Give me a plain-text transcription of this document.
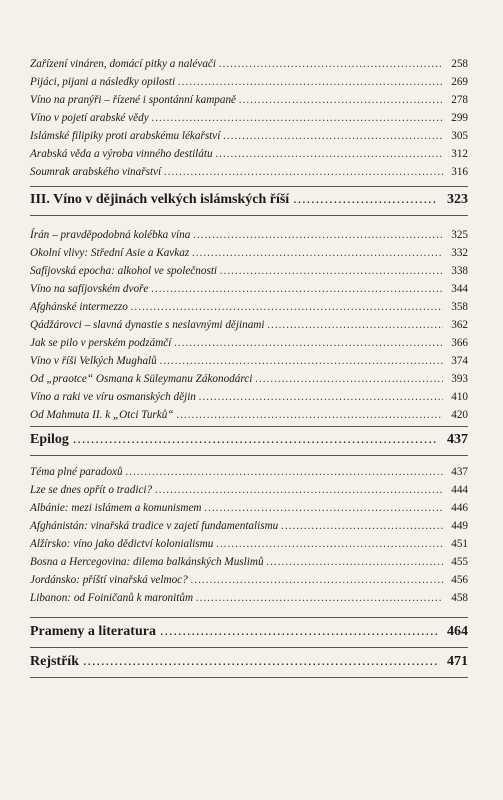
Zařízení vináren, domácí pitky a nalévači .....	258
Pijáci, pijani a následky opilosti .....	269
Víno na pranýři – řízené i spontánní kampaně .....	278
Víno v pojetí arabské vědy .....	299
Islámské filipiky proti arabskému lékařství .....	305
Arabská věda a výroba vinného destilátu .....	312
Soumrak arabského vinařství .....	316
III. Víno v dějinách velkých islámských říší .....	323
Írán – pravděpodobná kolébka vína .....	325
Okolní vlivy: Střední Asie a Kavkaz .....	332
Safíjovská epocha: alkohol ve společnosti .....	338
Víno na safíjovském dvoře .....	344
Afghánské intermezzo .....	358
Qádžárovci – slavná dynastie s neslavnými dějinami .....	362
Jak se pilo v perském podzámčí .....	366
Víno v říši Velkých Mughalů .....	374
Od „praotce“ Osmana k Süleymanu Zákonodárci .....	393
Víno a raki ve víru osmanských dějin .....	410
Od Mahmuta II. k „Otci Turků“ .....	420
Epilog .....	437
Téma plné paradoxů .....	437
Lze se dnes opřít o tradici? .....	444
Albánie: mezi islámem a komunismem .....	446
Afghánistán: vinařská tradice v zajetí fundamentalismu .....	449
Alžírsko: víno jako dědictví kolonialismu .....	451
Bosna a Hercegovina: dilema balkánských Muslimů .....	455
Jordánsko: příští vinařská velmoc? .....	456
Libanon: od Foiničanů k maronitům .....	458
Prameny a literatura .....	464
Rejstřík .....	471
